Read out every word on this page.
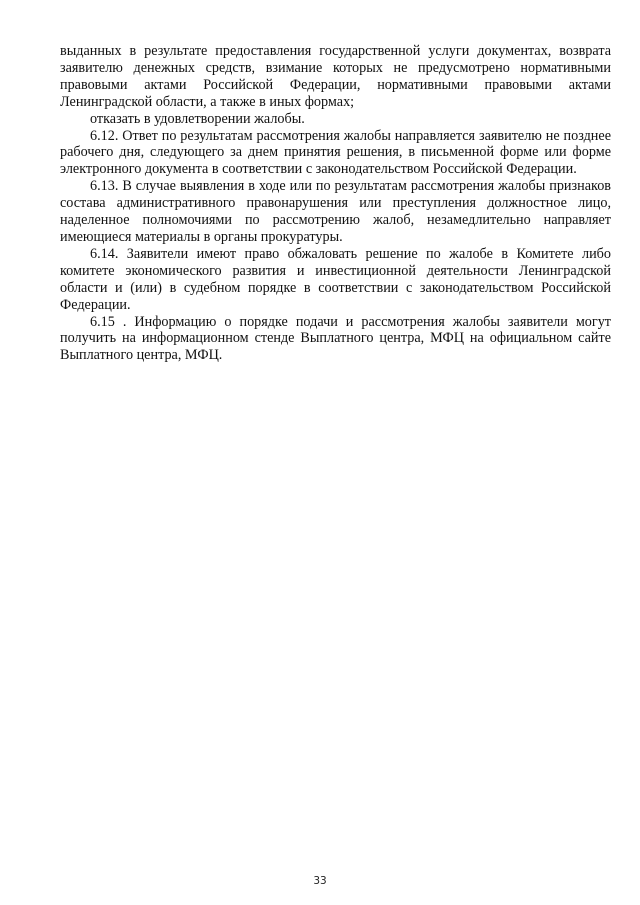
выданных в результате предоставления государственной услуги документах, возврата заявителю денежных средств, взимание которых не предусмотрено нормативными правовыми актами Российской Федерации, нормативными правовыми актами Ленинградской области, а также в иных формах;

отказать в удовлетворении жалобы.

6.12. Ответ по результатам рассмотрения жалобы направляется заявителю не позднее рабочего дня, следующего за днем принятия решения, в письменной форме или форме электронного документа в соответствии с законодательством Российской Федерации.

6.13. В случае выявления в ходе или по результатам рассмотрения жалобы признаков состава административного правонарушения или преступления должностное лицо, наделенное полномочиями по рассмотрению жалоб, незамедлительно направляет имеющиеся материалы в органы прокуратуры.

6.14. Заявители имеют право обжаловать решение по жалобе в Комитете либо комитете экономического развития и инвестиционной деятельности Ленинградской области и (или) в судебном порядке в соответствии с законодательством Российской Федерации.

6.15 . Информацию о порядке подачи и рассмотрения жалобы заявители могут получить на информационном стенде Выплатного центра, МФЦ на официальном сайте Выплатного центра, МФЦ.

33
